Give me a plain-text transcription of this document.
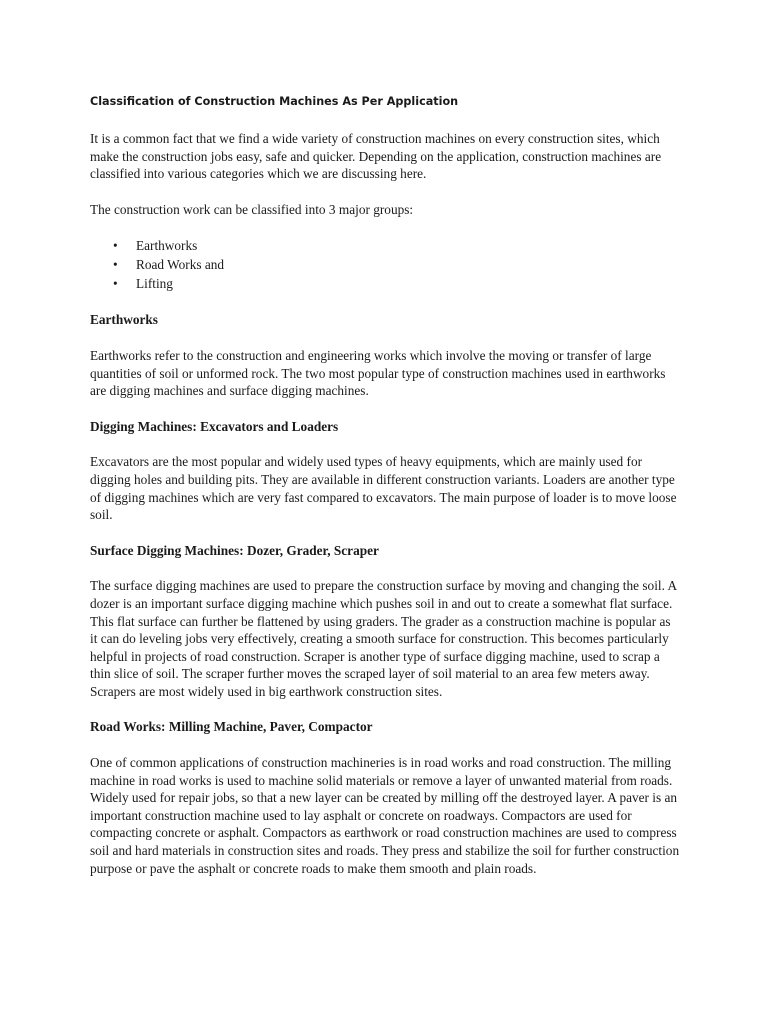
Classification of Construction Machines As Per Application

It is a common fact that we find a wide variety of construction machines on every construction sites, which make the construction jobs easy, safe and quicker. Depending on the application, construction machines are classified into various categories which we are discussing here.

The construction work can be classified into 3 major groups:

• Earthworks
• Road Works and
• Lifting
Earthworks

Earthworks refer to the construction and engineering works which involve the moving or transfer of large quantities of soil or unformed rock. The two most popular type of construction machines used in earthworks are digging machines and surface digging machines.

Digging Machines: Excavators and Loaders

Excavators are the most popular and widely used types of heavy equipments, which are mainly used for digging holes and building pits. They are available in different construction variants. Loaders are another type of digging machines which are very fast compared to excavators. The main purpose of loader is to move loose soil.

Surface Digging Machines: Dozer, Grader, Scraper

The surface digging machines are used to prepare the construction surface by moving and changing the soil. A dozer is an important surface digging machine which pushes soil in and out to create a somewhat flat surface. This flat surface can further be flattened by using graders. The grader as a construction machine is popular as it can do leveling jobs very effectively, creating a smooth surface for construction. This becomes particularly helpful in projects of road construction. Scraper is another type of surface digging machine, used to scrap a thin slice of soil. The scraper further moves the scraped layer of soil material to an area few meters away. Scrapers are most widely used in big earthwork construction sites.

Road Works: Milling Machine, Paver, Compactor

One of common applications of construction machineries is in road works and road construction. The milling machine in road works is used to machine solid materials or remove a layer of unwanted material from roads. Widely used for repair jobs, so that a new layer can be created by milling off the destroyed layer. A paver is an important construction machine used to lay asphalt or concrete on roadways. Compactors are used for compacting concrete or asphalt. Compactors as earthwork or road construction machines are used to compress soil and hard materials in construction sites and roads. They press and stabilize the soil for further construction purpose or pave the asphalt or concrete roads to make them smooth and plain roads.
